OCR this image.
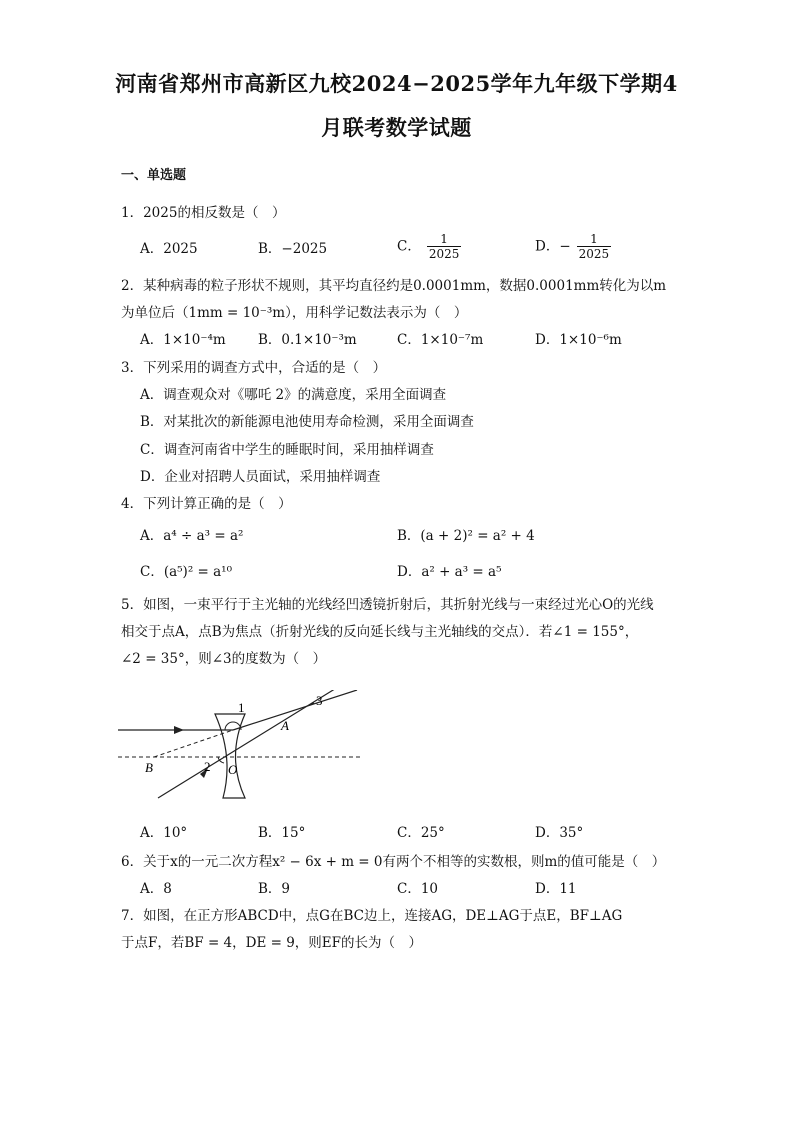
河南省郑州市高新区九校2024−2025学年九年级下学期4
月联考数学试题
一、单选题
1．2025的相反数是（　）
A．2025	B．−2025	C． $\frac{1}{2025}$	D．− $\frac{1}{2025}$
2．某种病毒的粒子形状不规则，其平均直径约是0.0001mm，数据0.0001mm转化为以m
为单位后（1mm = 10⁻³m），用科学记数法表示为（　）
A．1×10⁻⁴m B．0.1×10⁻³m	C．1×10⁻⁷m	D．1×10⁻⁶m
3．下列采用的调查方式中，合适的是（　）
A．调查观众对《哪吒 2》的满意度，采用全面调查
B．对某批次的新能源电池使用寿命检测，采用全面调查
C．调查河南省中学生的睡眠时间，采用抽样调查
D．企业对招聘人员面试，采用抽样调查
4．下列计算正确的是（　）
A．a⁴ ÷ a³ = a²	B．(a + 2)² = a² + 4
C．(a⁵)² = a¹⁰	D．a² + a³ = a⁵
5．如图，一束平行于主光轴的光线经凹透镜折射后，其折射光线与一束经过光心O的光线
相交于点A，点B为焦点（折射光线的反向延长线与主光轴线的交点）．若∠1 = 155°，
∠2 = 35°，则∠3的度数为（　）
1
2
3
A
B	O
A．10°	B．15°	C．25°	D．35°
6．关于x的一元二次方程x² − 6x + m = 0有两个不相等的实数根，则m的值可能是（　）
A．8	B．9	C．10	D．11
7．如图，在正方形ABCD中，点G在BC边上，连接AG，DE⊥AG于点E，BF⊥AG
于点F，若BF = 4，DE = 9，则EF的长为（　）
